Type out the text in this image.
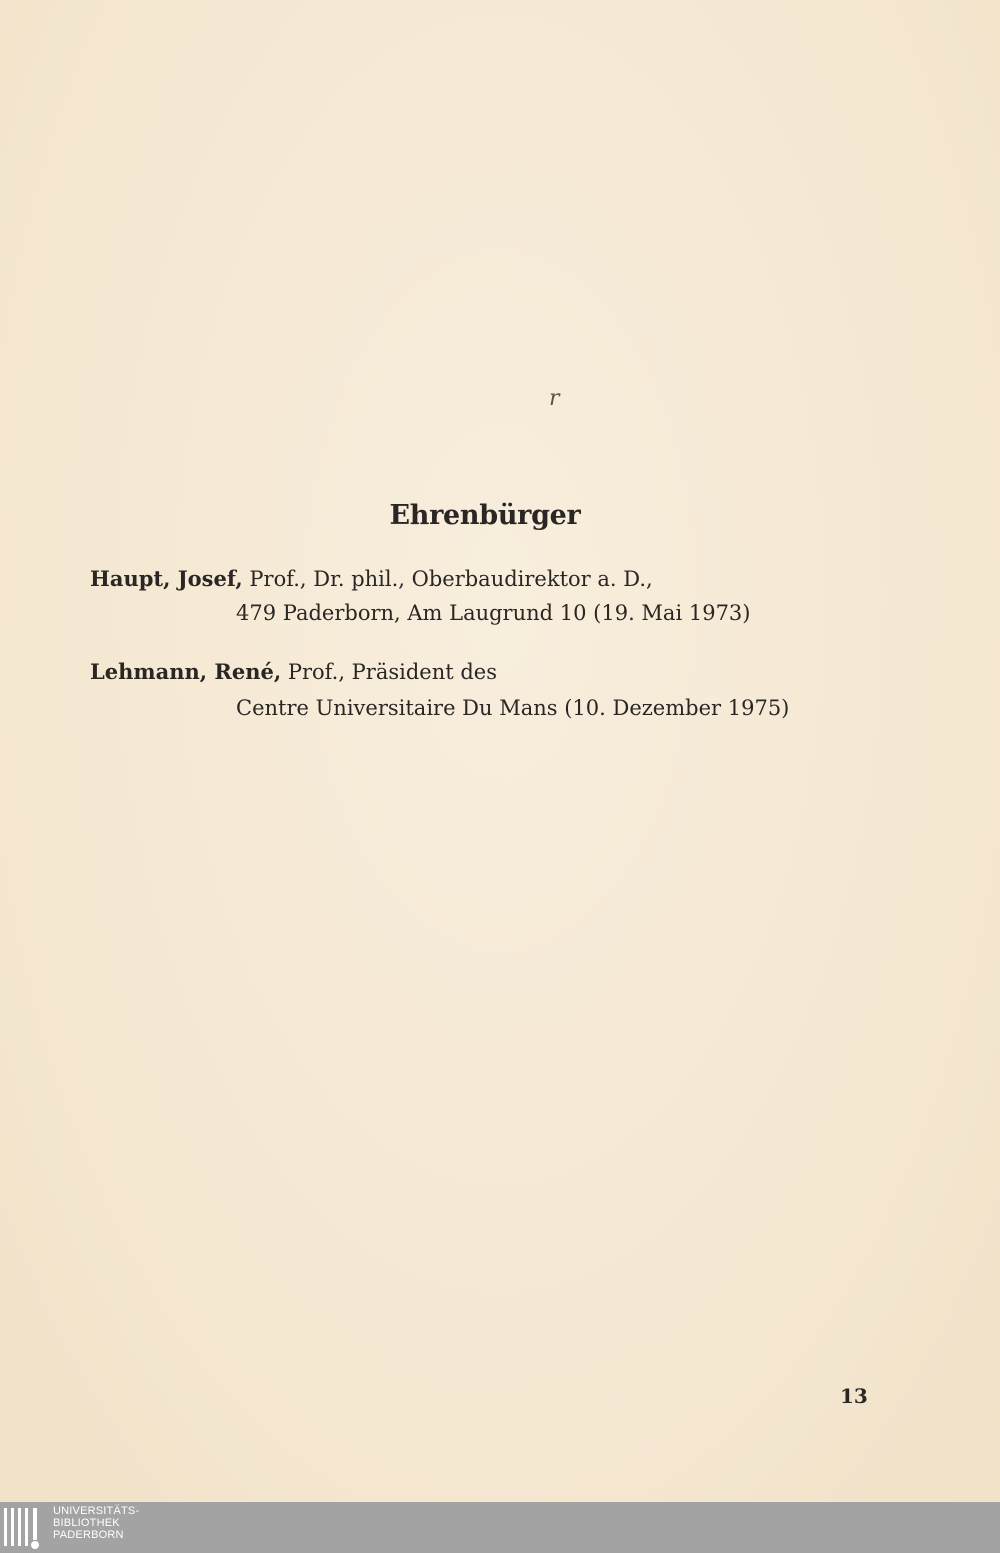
r
Ehrenbürger
Haupt, Josef, Prof., Dr. phil., Oberbaudirektor a. D.,
479 Paderborn, Am Laugrund 10 (19. Mai 1973)
Lehmann, René, Prof., Präsident des
Centre Universitaire Du Mans (10. Dezember 1975)
13
UNIVERSITÄTS-
BIBLIOTHEK
PADERBORN
